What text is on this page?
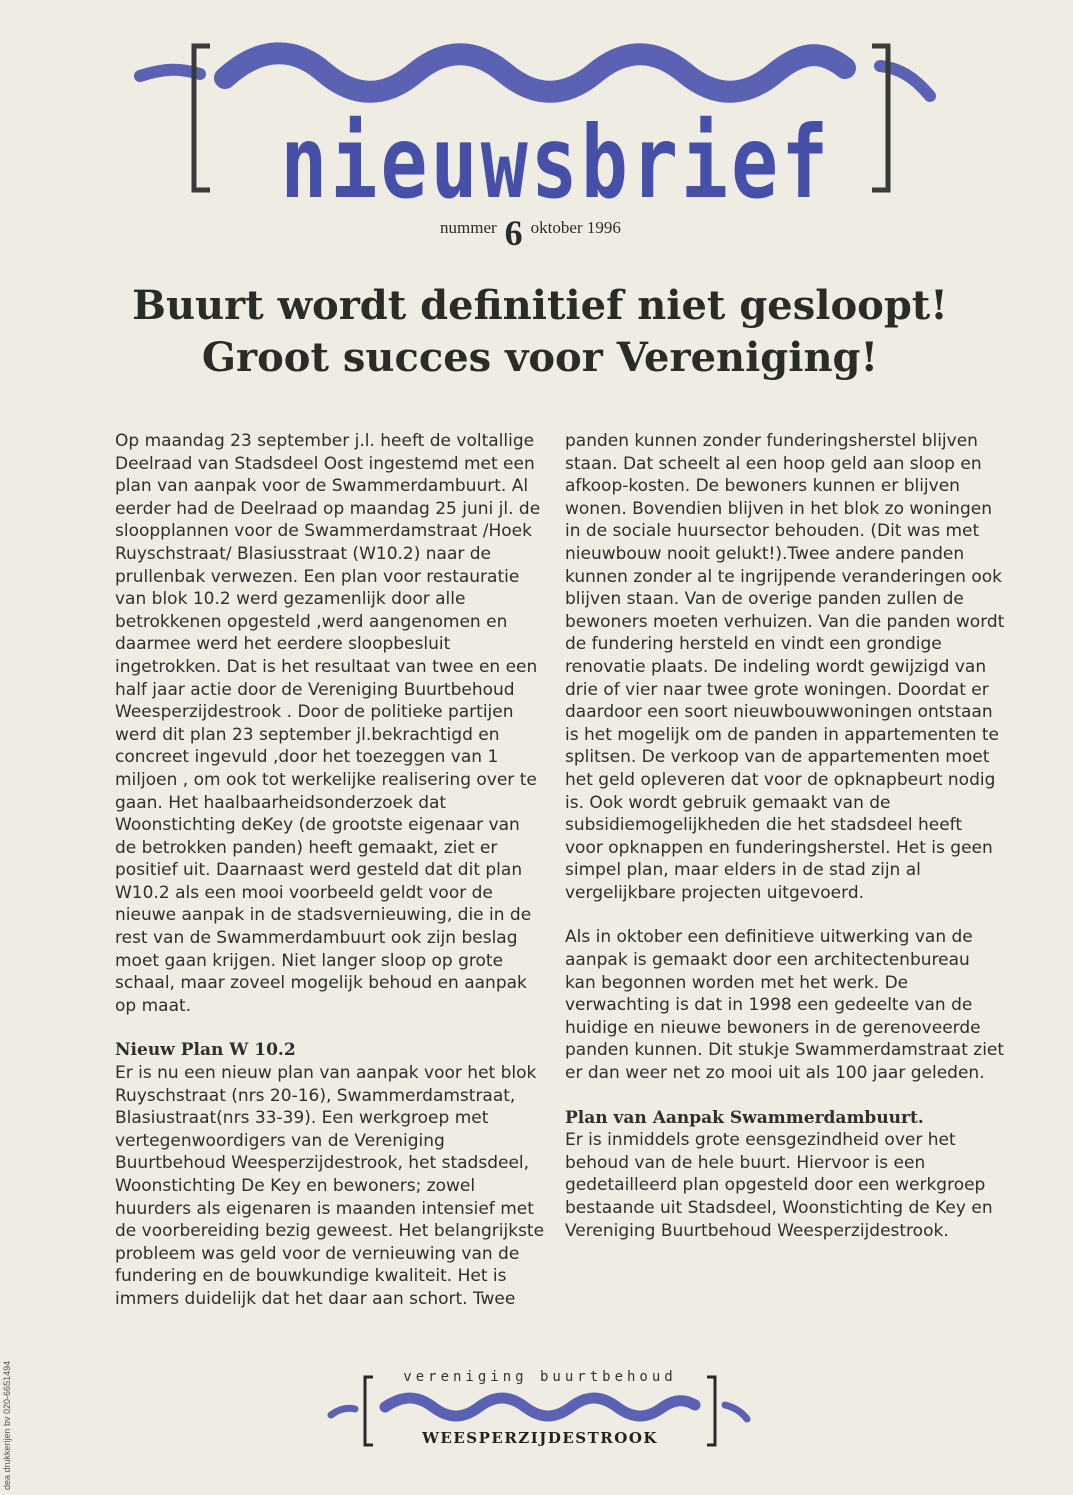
nieuwsbrief
nummer 6 oktober 1996
Buurt wordt definitief niet gesloopt!
Groot succes voor Vereniging!

Op maandag 23 september j.l. heeft de voltallige Deelraad van Stadsdeel Oost ingestemd met een plan van aanpak voor de Swammerdambuurt. Al eerder had de Deelraad op maandag 25 juni jl. de sloopplannen voor de Swammerdamstraat /Hoek Ruyschstraat/ Blasiusstraat (W10.2) naar de prullenbak verwezen. Een plan voor restauratie van blok 10.2 werd gezamenlijk door alle betrokkenen opgesteld ,werd aangenomen en daarmee werd het eerdere sloopbesluit ingetrokken. Dat is het resultaat van twee en een half jaar actie door de Vereniging Buurtbehoud Weesperzijdestrook . Door de politieke partijen werd dit plan 23 september jl.bekrachtigd en concreet ingevuld ,door het toezeggen van 1 miljoen , om ook tot werkelijke realisering over te gaan. Het haalbaarheidsonderzoek dat Woonstichting deKey (de grootste eigenaar van de betrokken panden) heeft gemaakt, ziet er positief uit. Daarnaast werd gesteld dat dit plan W10.2 als een mooi voorbeeld geldt voor de nieuwe aanpak in de stadsvernieuwing, die in de rest van de Swammerdambuurt ook zijn beslag moet gaan krijgen. Niet langer sloop op grote schaal, maar zoveel mogelijk behoud en aanpak op maat.

Nieuw Plan W 10.2

Er is nu een nieuw plan van aanpak voor het blok Ruyschstraat (nrs 20-16), Swammerdamstraat, Blasiustraat(nrs 33-39). Een werkgroep met vertegenwoordigers van de Vereniging Buurtbehoud Weesperzijdestrook, het stadsdeel, Woonstichting De Key en bewoners; zowel huurders als eigenaren is maanden intensief met de voorbereiding bezig geweest. Het belangrijkste probleem was geld voor de vernieuwing van de fundering en de bouwkundige kwaliteit. Het is immers duidelijk dat het daar aan schort. Twee

panden kunnen zonder funderingsherstel blijven staan. Dat scheelt al een hoop geld aan sloop en afkoop-kosten. De bewoners kunnen er blijven wonen. Bovendien blijven in het blok zo woningen in de sociale huursector behouden. (Dit was met nieuwbouw nooit gelukt!).Twee andere panden kunnen zonder al te ingrijpende veranderingen ook blijven staan. Van de overige panden zullen de bewoners moeten verhuizen. Van die panden wordt de fundering hersteld en vindt een grondige renovatie plaats. De indeling wordt gewijzigd van drie of vier naar twee grote woningen. Doordat er daardoor een soort nieuwbouwwoningen ontstaan is het mogelijk om de panden in appartementen te splitsen. De verkoop van de appartementen moet het geld opleveren dat voor de opknapbeurt nodig is. Ook wordt gebruik gemaakt van de subsidiemogelijkheden die het stadsdeel heeft voor opknappen en funderingsherstel. Het is geen simpel plan, maar elders in de stad zijn al vergelijkbare projecten uitgevoerd.

Als in oktober een definitieve uitwerking van de aanpak is gemaakt door een architectenbureau kan begonnen worden met het werk. De verwachting is dat in 1998 een gedeelte van de huidige en nieuwe bewoners in de gerenoveerde panden kunnen. Dit stukje Swammerdamstraat ziet er dan weer net zo mooi uit als 100 jaar geleden.

Plan van Aanpak Swammerdambuurt.

Er is inmiddels grote eensgezindheid over het behoud van de hele buurt. Hiervoor is een gedetailleerd plan opgesteld door een werkgroep bestaande uit Stadsdeel, Woonstichting de Key en Vereniging Buurtbehoud Weesperzijdestrook.

vereniging buurtbehoud
WEESPERZIJDESTROOK
dea drukkerijen bv 020-6651494
